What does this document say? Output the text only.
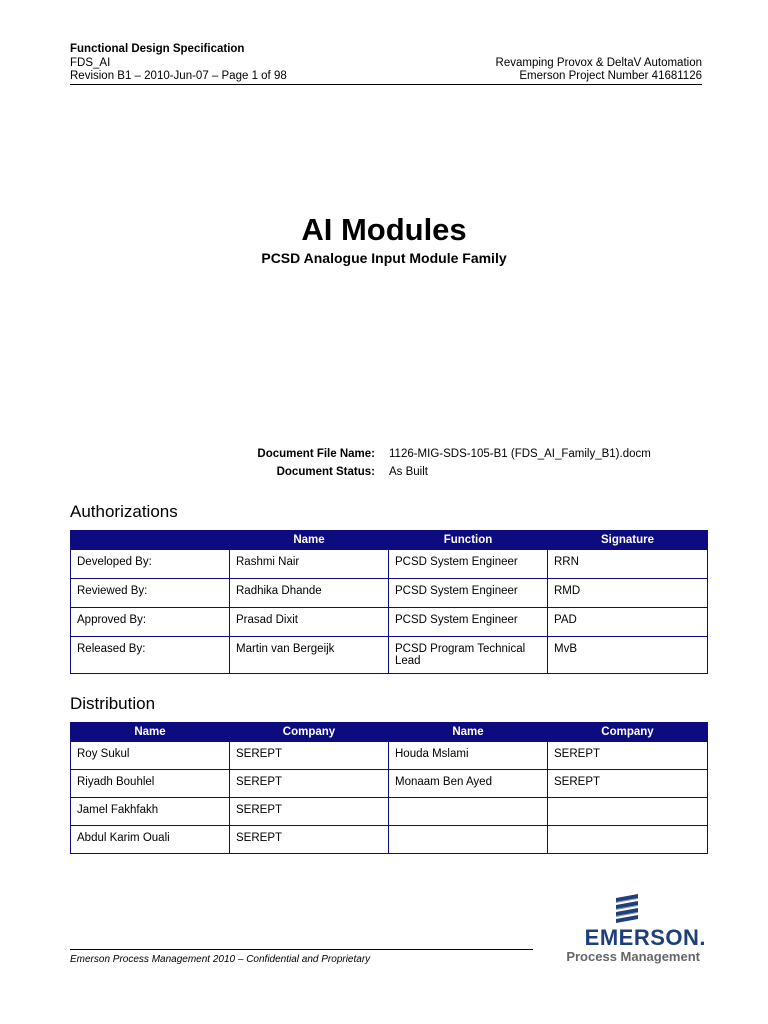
Functional Design Specification
FDS_AI	Revamping Provox & DeltaV Automation
Revision B1 – 2010-Jun-07 – Page 1 of 98	Emerson Project Number 41681126
AI Modules
PCSD Analogue Input Module Family
Document File Name: 1126-MIG-SDS-105-B1 (FDS_AI_Family_B1).docm
Document Status: As Built
Authorizations
	Name	Function	Signature
Developed By:	Rashmi Nair	PCSD System Engineer	RRN
Reviewed By:	Radhika Dhande	PCSD System Engineer	RMD
Approved By:	Prasad Dixit	PCSD System Engineer	PAD
Released By:	Martin van Bergeijk	PCSD Program Technical Lead	MvB
Distribution
Name	Company	Name	Company
Roy Sukul	SEREPT	Houda Mslami	SEREPT
Riyadh Bouhlel	SEREPT	Monaam Ben Ayed	SEREPT
Jamel Fakhfakh	SEREPT		
Abdul Karim Ouali	SEREPT		
Emerson Process Management 2010 – Confidential and Proprietary
EMERSON.
Process Management
